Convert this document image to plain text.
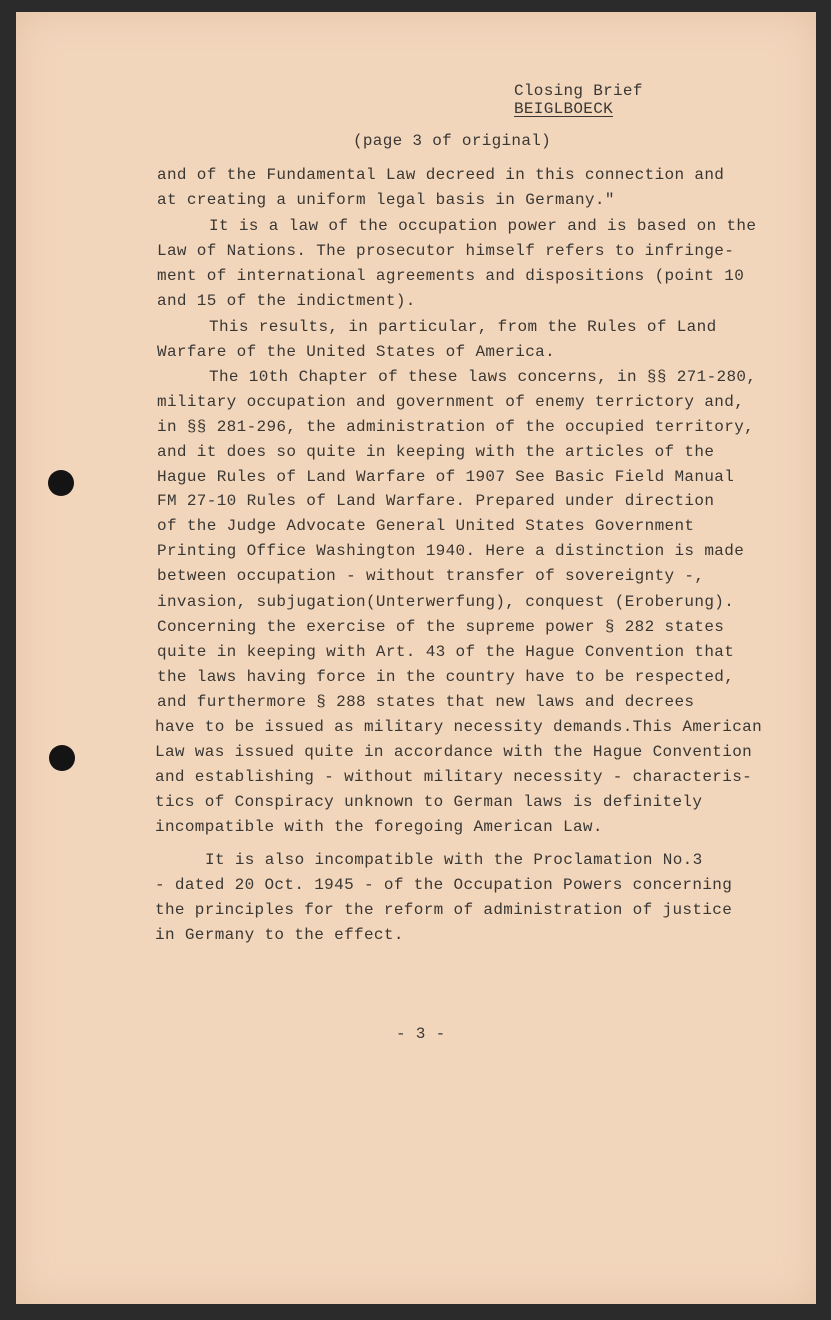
Closing Brief
BEIGLBOECK
(page 3 of original)
and of the Fundamental Law decreed in this connection and
at creating a uniform legal basis in Germany."
It is a law of the occupation power and is based on the
Law of Nations. The prosecutor himself refers to infringe-
ment of international agreements and dispositions (point 10
and 15 of the indictment).
This results, in particular, from the Rules of Land
Warfare of the United States of America.
The 10th Chapter of these laws concerns, in §§ 271-280,
military occupation and government of enemy terrictory and,
in §§ 281-296, the administration of the occupied territory,
and it does so quite in keeping with the articles of the
Hague Rules of Land Warfare of 1907 See Basic Field Manual
FM 27-10 Rules of Land Warfare. Prepared under direction
of the Judge Advocate General United States Government
Printing Office Washington 1940. Here a distinction is made
between occupation - without transfer of sovereignty -,
invasion, subjugation(Unterwerfung), conquest (Eroberung).
Concerning the exercise of the supreme power § 282 states
quite in keeping with Art. 43 of the Hague Convention that
the laws having force in the country have to be respected,
and furthermore § 288 states that new laws and decrees
have to be issued as military necessity demands.This American
Law was issued quite in accordance with the Hague Convention
and establishing - without military necessity - characteris-
tics of Conspiracy unknown to German laws is definitely
incompatible with the foregoing American Law.
It is also incompatible with the Proclamation No.3
- dated 20 Oct. 1945 - of the Occupation Powers concerning
the principles for the reform of administration of justice
in Germany to the effect.
- 3 -
